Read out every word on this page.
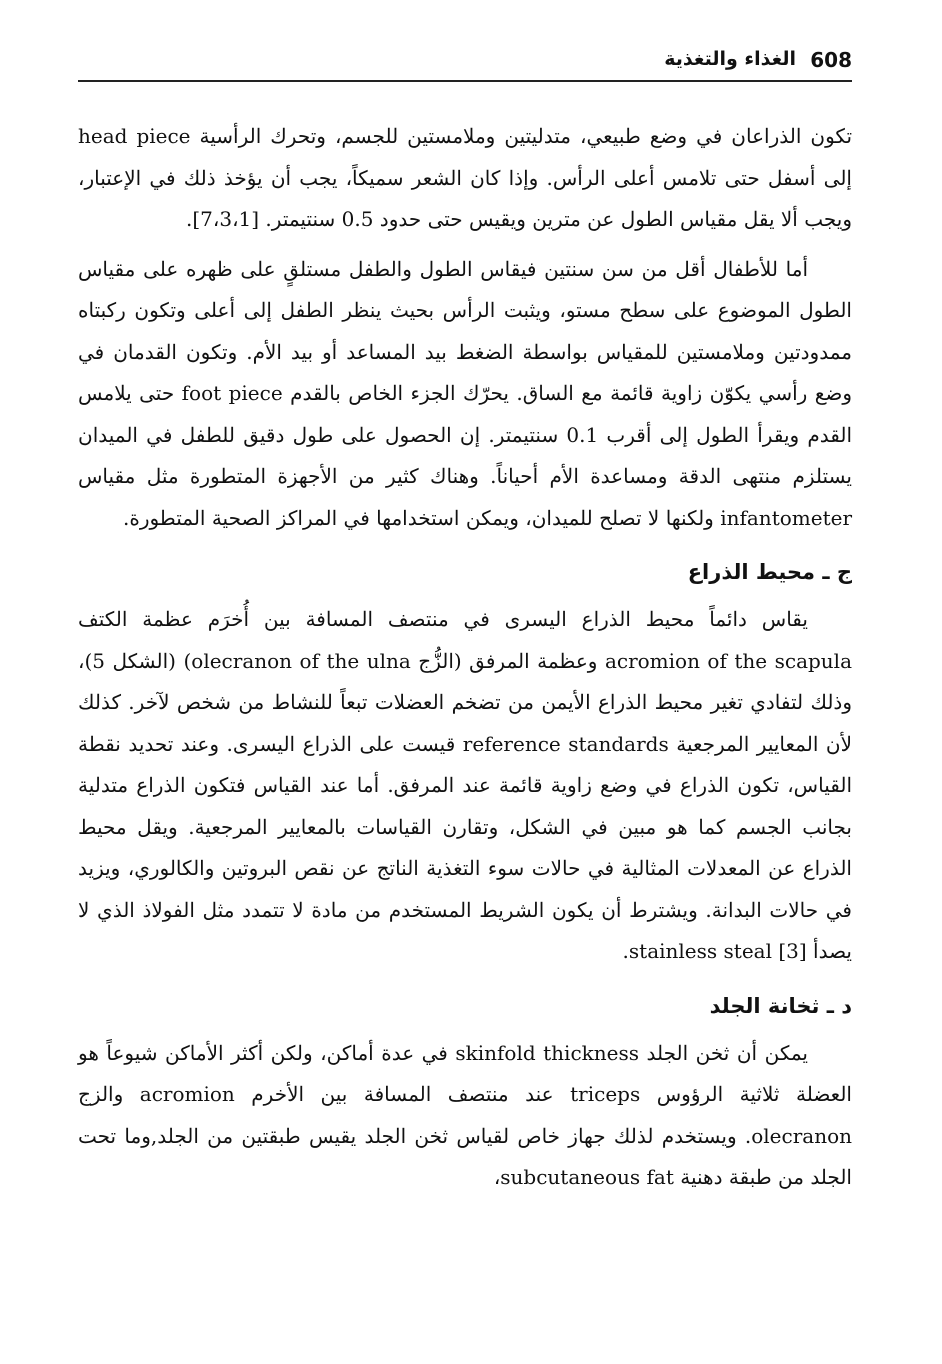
608
الغذاء والتغذية

تكون الذراعان في وضع طبيعي، متدليتين وملامستين للجسم، وتحرك الرأسية head piece إلى أسفل حتى تلامس أعلى الرأس. وإذا كان الشعر سميكاً، يجب أن يؤخذ ذلك في الإعتبار، ويجب ألا يقل مقياس الطول عن مترين ويقيس حتى حدود 0.5 سنتيمتر. [7،3،1].

أما للأطفال أقل من سن سنتين فيقاس الطول والطفل مستلقٍ على ظهره على مقياس الطول الموضوع على سطح مستو، ويثبت الرأس بحيث ينظر الطفل إلى أعلى وتكون ركبتاه ممدودتين وملامستين للمقياس بواسطة الضغط بيد المساعد أو بيد الأم. وتكون القدمان في وضع رأسي يكوّن زاوية قائمة مع الساق. يحرّك الجزء الخاص بالقدم foot piece حتى يلامس القدم ويقرأ الطول إلى أقرب 0.1 سنتيمتر. إن الحصول على طول دقيق للطفل في الميدان يستلزم منتهى الدقة ومساعدة الأم أحياناً. وهناك كثير من الأجهزة المتطورة مثل مقياس infantometer ولكنها لا تصلح للميدان، ويمكن استخدامها في المراكز الصحية المتطورة.

ج ـ محيط الذراع

يقاس دائماً محيط الذراع اليسرى في منتصف المسافة بين أُخرَم عظمة الكتف acromion of the scapula وعظمة المرفق (الزُّج olecranon of the ulna) (الشكل 5)، وذلك لتفادي تغير محيط الذراع الأيمن من تضخم العضلات تبعاً للنشاط من شخص لآخر. كذلك لأن المعايير المرجعية reference standards قيست على الذراع اليسرى. وعند تحديد نقطة القياس، تكون الذراع في وضع زاوية قائمة عند المرفق. أما عند القياس فتكون الذراع متدلية بجانب الجسم كما هو مبين في الشكل، وتقارن القياسات بالمعايير المرجعية. ويقل محيط الذراع عن المعدلات المثالية في حالات سوء التغذية الناتج عن نقص البروتين والكالوري، ويزيد في حالات البدانة. ويشترط أن يكون الشريط المستخدم من مادة لا تتمدد مثل الفولاذ الذي لا يصدأ stainless steal [3].

د ـ ثخانة الجلد

يمكن أن ثخن الجلد skinfold thickness في عدة أماكن، ولكن أكثر الأماكن شيوعاً هو العضلة ثلاثية الرؤوس triceps عند منتصف المسافة بين الأخرم acromion والزج olecranon. ويستخدم لذلك جهاز خاص لقياس ثخن الجلد يقيس طبقتين من الجلد,وما تحت الجلد من طبقة دهنية subcutaneous fat،
